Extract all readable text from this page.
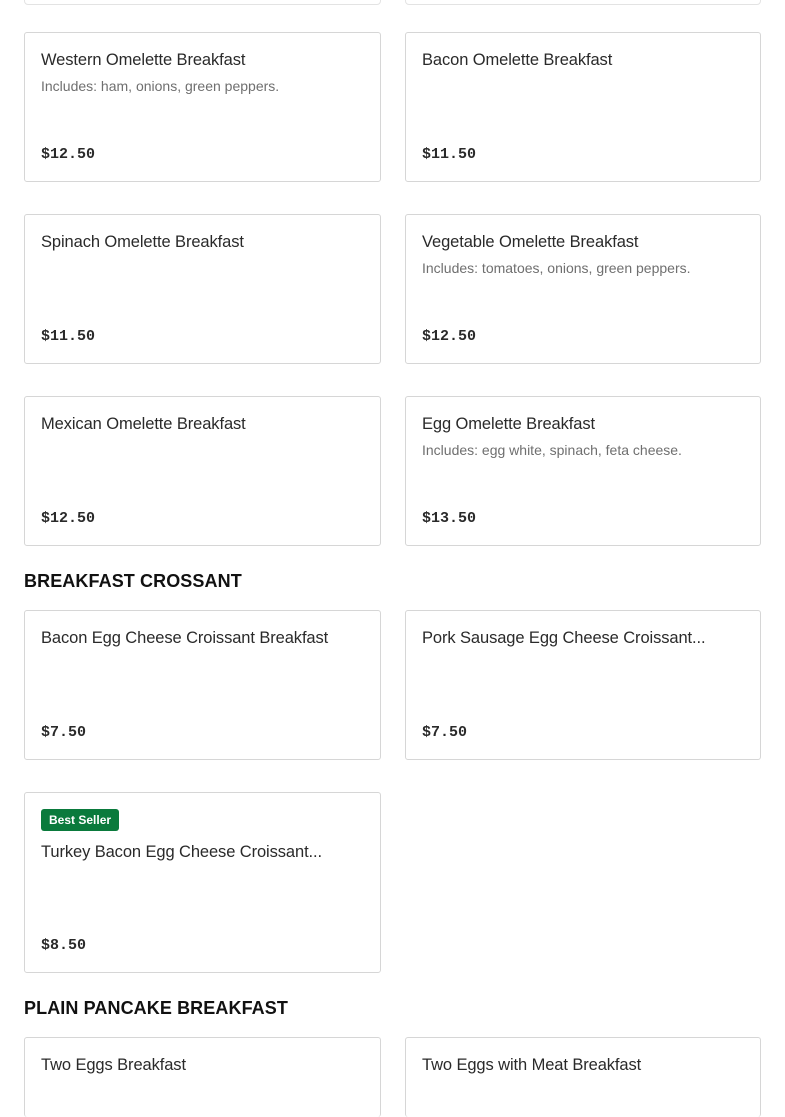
Western Omelette Breakfast
Includes: ham, onions, green peppers.
$12.50
Bacon Omelette Breakfast
$11.50
Spinach Omelette Breakfast
$11.50
Vegetable Omelette Breakfast
Includes: tomatoes, onions, green peppers.
$12.50
Mexican Omelette Breakfast
$12.50
Egg Omelette Breakfast
Includes: egg white, spinach, feta cheese.
$13.50
BREAKFAST CROSSANT
Bacon Egg Cheese Croissant Breakfast
$7.50
Pork Sausage Egg Cheese Croissant...
$7.50
Best Seller
Turkey Bacon Egg Cheese Croissant...
$8.50
PLAIN PANCAKE BREAKFAST
Two Eggs Breakfast	Two Eggs with Meat Breakfast
